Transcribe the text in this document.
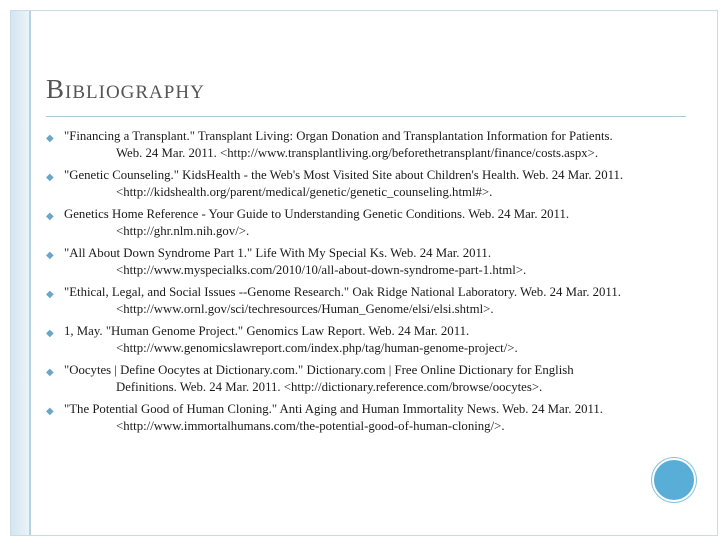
Bibliography
◆ "Financing a Transplant." Transplant Living: Organ Donation and Transplantation Information for Patients. Web. 24 Mar. 2011. <http://www.transplantliving.org/beforethetransplant/finance/costs.aspx>.
◆ "Genetic Counseling." KidsHealth - the Web's Most Visited Site about Children's Health. Web. 24 Mar. 2011. <http://kidshealth.org/parent/medical/genetic/genetic_counseling.html#>.
◆ Genetics Home Reference - Your Guide to Understanding Genetic Conditions. Web. 24 Mar. 2011. <http://ghr.nlm.nih.gov/>.
◆ "All About Down Syndrome Part 1." Life With My Special Ks. Web. 24 Mar. 2011. <http://www.myspecialks.com/2010/10/all-about-down-syndrome-part-1.html>.
◆ "Ethical, Legal, and Social Issues --Genome Research." Oak Ridge National Laboratory. Web. 24 Mar. 2011. <http://www.ornl.gov/sci/techresources/Human_Genome/elsi/elsi.shtml>.
◆ 1, May. "Human Genome Project." Genomics Law Report. Web. 24 Mar. 2011. <http://www.genomicslawreport.com/index.php/tag/human-genome-project/>.
◆ "Oocytes | Define Oocytes at Dictionary.com." Dictionary.com | Free Online Dictionary for English Definitions. Web. 24 Mar. 2011. <http://dictionary.reference.com/browse/oocytes>.
◆ "The Potential Good of Human Cloning." Anti Aging and Human Immortality News. Web. 24 Mar. 2011. <http://www.immortalhumans.com/the-potential-good-of-human-cloning/>.
